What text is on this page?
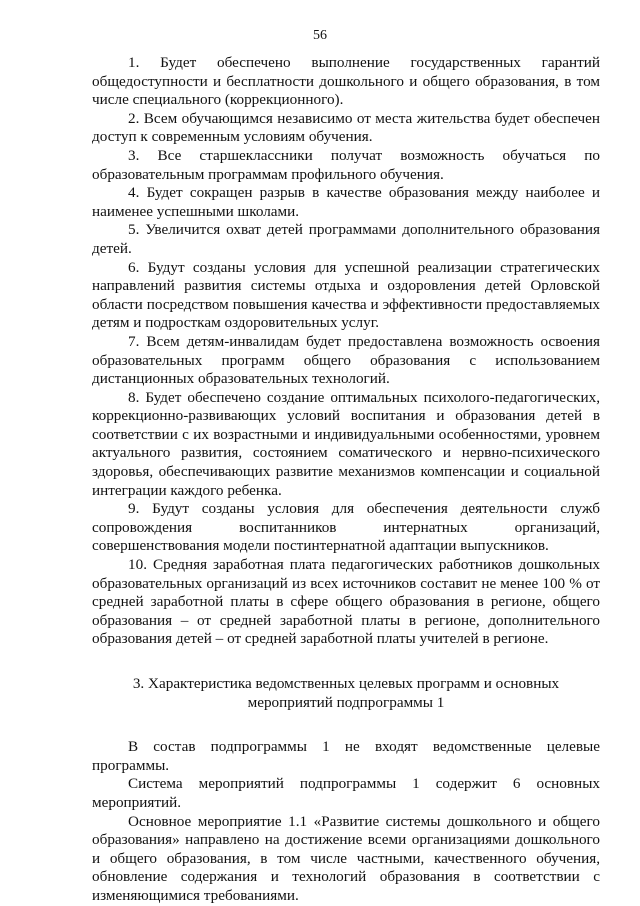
56

1. Будет обеспечено выполнение государственных гарантий общедоступности и бесплатности дошкольного и общего образования, в том числе специального (коррекционного).

2. Всем обучающимся независимо от места жительства будет обеспечен доступ к современным условиям обучения.

3. Все старшеклассники получат возможность обучаться по образовательным программам профильного обучения.

4. Будет сокращен разрыв в качестве образования между наиболее и наименее успешными школами.

5. Увеличится охват детей программами дополнительного образования детей.

6. Будут созданы условия для успешной реализации стратегических направлений развития системы отдыха и оздоровления детей Орловской области посредством повышения качества и эффективности предоставляемых детям и подросткам оздоровительных услуг.

7. Всем детям-инвалидам будет предоставлена возможность освоения образовательных программ общего образования с использованием дистанционных образовательных технологий.

8. Будет обеспечено создание оптимальных психолого-педагогических, коррекционно-развивающих условий воспитания и образования детей в соответствии с их возрастными и индивидуальными особенностями, уровнем актуального развития, состоянием соматического и нервно-психического здоровья, обеспечивающих развитие механизмов компенсации и социальной интеграции каждого ребенка.

9. Будут созданы условия для обеспечения деятельности служб сопровождения воспитанников интернатных организаций, совершенствования модели постинтернатной адаптации выпускников.

10. Средняя заработная плата педагогических работников дошкольных образовательных организаций из всех источников составит не менее 100 % от средней заработной платы в сфере общего образования в регионе, общего образования – от средней заработной платы в регионе, дополнительного образования детей – от средней заработной платы учителей в регионе.

3. Характеристика ведомственных целевых программ и основных мероприятий подпрограммы 1

В состав подпрограммы 1 не входят ведомственные целевые программы.

Система мероприятий подпрограммы 1 содержит 6 основных мероприятий.

Основное мероприятие 1.1 «Развитие системы дошкольного и общего образования» направлено на достижение всеми организациями дошкольного и общего образования, в том числе частными, качественного обучения, обновление содержания и технологий образования в соответствии с изменяющимися требованиями.
